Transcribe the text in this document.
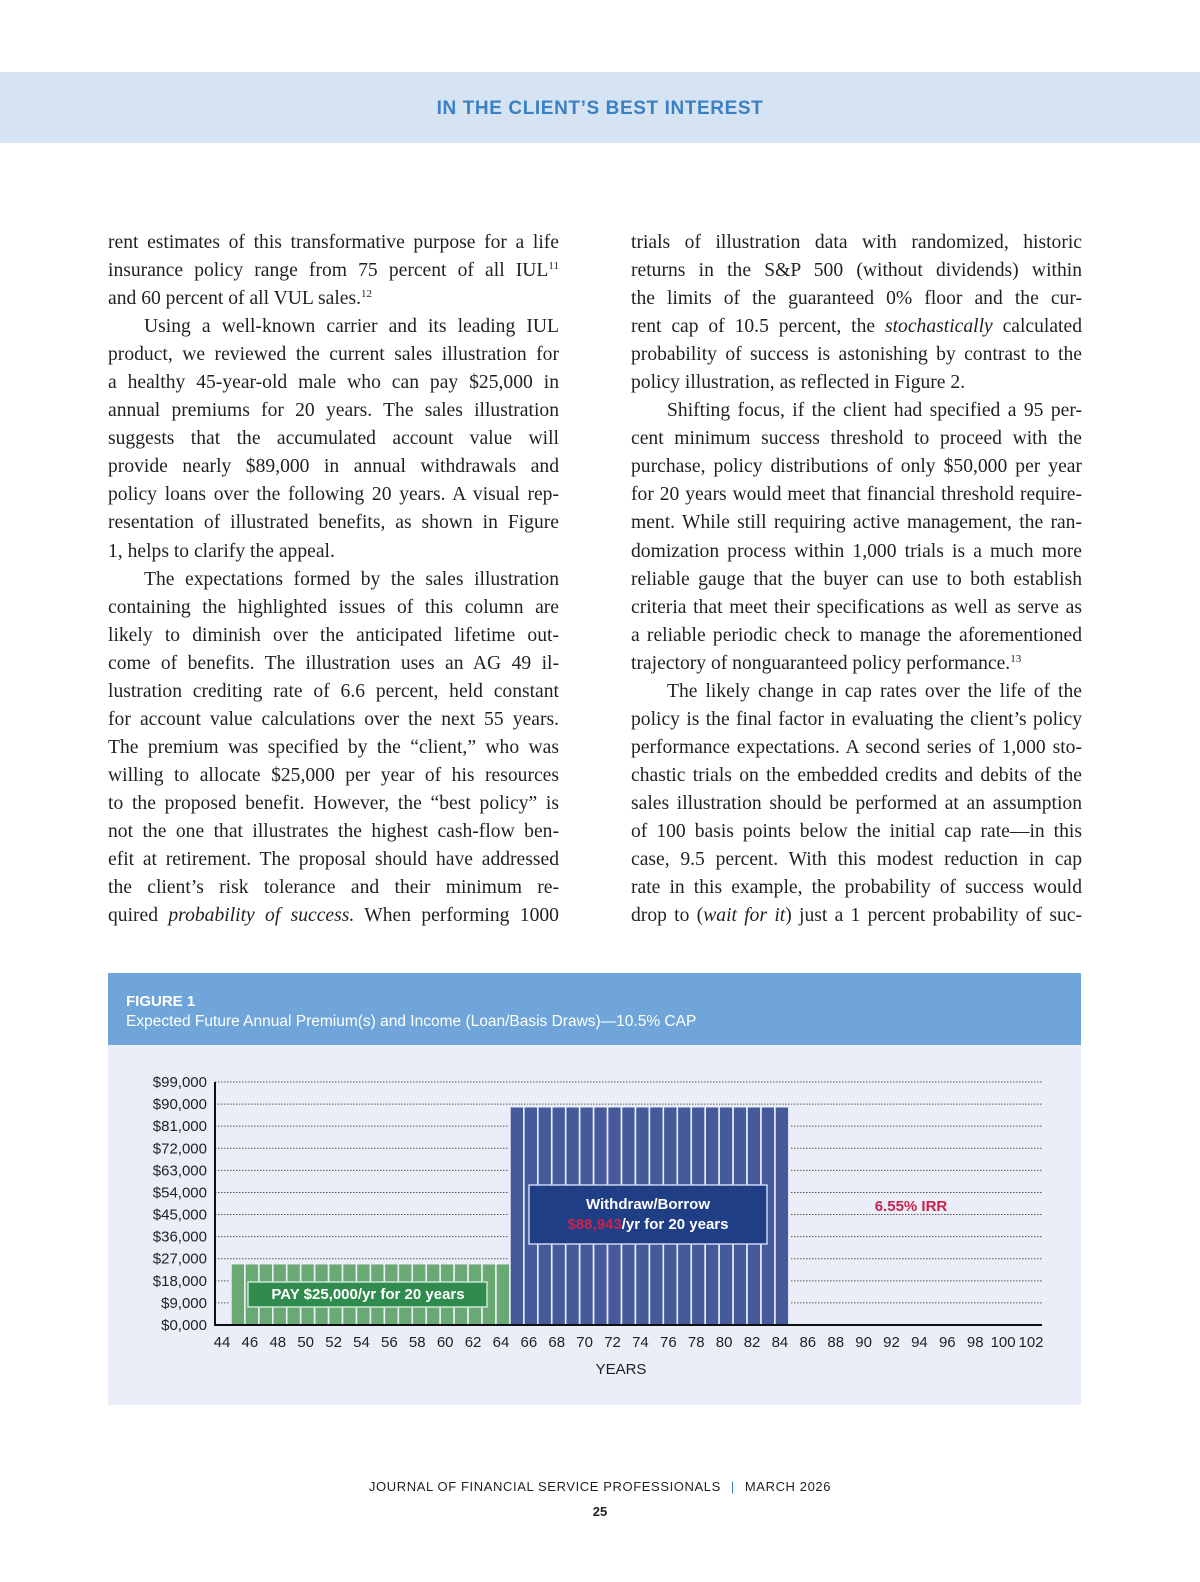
IN THE CLIENT’S BEST INTEREST
rent estimates of this transformative purpose for a life
insurance policy range from 75 percent of all IUL$^{11}$
and 60 percent of all VUL sales.$^{12}$
Using a well-known carrier and its leading IUL
product, we reviewed the current sales illustration for
a healthy 45-year-old male who can pay $25,000 in
annual premiums for 20 years. The sales illustration
suggests that the accumulated account value will
provide nearly $89,000 in annual withdrawals and
policy loans over the following 20 years. A visual rep-
resentation of illustrated benefits, as shown in Figure
1, helps to clarify the appeal.
The expectations formed by the sales illustration
containing the highlighted issues of this column are
likely to diminish over the anticipated lifetime out-
come of benefits. The illustration uses an AG 49 il-
lustration crediting rate of 6.6 percent, held constant
for account value calculations over the next 55 years.
The premium was specified by the “client,” who was
willing to allocate $25,000 per year of his resources
to the proposed benefit. However, the “best policy” is
not the one that illustrates the highest cash-flow ben-
efit at retirement. The proposal should have addressed
the client’s risk tolerance and their minimum re-
quired probability of success. When performing 1000
trials of illustration data with randomized, historic
returns in the S&P 500 (without dividends) within
the limits of the guaranteed 0% floor and the cur-
rent cap of 10.5 percent, the stochastically calculated
probability of success is astonishing by contrast to the
policy illustration, as reflected in Figure 2.
Shifting focus, if the client had specified a 95 per-
cent minimum success threshold to proceed with the
purchase, policy distributions of only $50,000 per year
for 20 years would meet that financial threshold require-
ment. While still requiring active management, the ran-
domization process within 1,000 trials is a much more
reliable gauge that the buyer can use to both establish
criteria that meet their specifications as well as serve as
a reliable periodic check to manage the aforementioned
trajectory of nonguaranteed policy performance.$^{13}$
The likely change in cap rates over the life of the
policy is the final factor in evaluating the client’s policy
performance expectations. A second series of 1,000 sto-
chastic trials on the embedded credits and debits of the
sales illustration should be performed at an assumption
of 100 basis points below the initial cap rate—in this
case, 9.5 percent. With this modest reduction in cap
rate in this example, the probability of success would
drop to (wait for it) just a 1 percent probability of suc-
FIGURE 1
Expected Future Annual Premium(s) and Income (Loan/Basis Draws)—10.5% CAP
$0,000
$9,000
$18,000
$27,000
$36,000
$45,000
$54,000
$63,000
$72,000
$81,000
$90,000
$99,000
44 46 48 50 52 54 56 58 60 62 64 66 68 70 72 74 76 78 80 82 84 86 88 90 92 94 96 98 100 102
YEARS
PAY $25,000/yr for 20 years
Withdraw/Borrow
$88,943/yr for 20 years
6.55% IRR
JOURNAL OF FINANCIAL SERVICE PROFESSIONALS | MARCH 2026
25
